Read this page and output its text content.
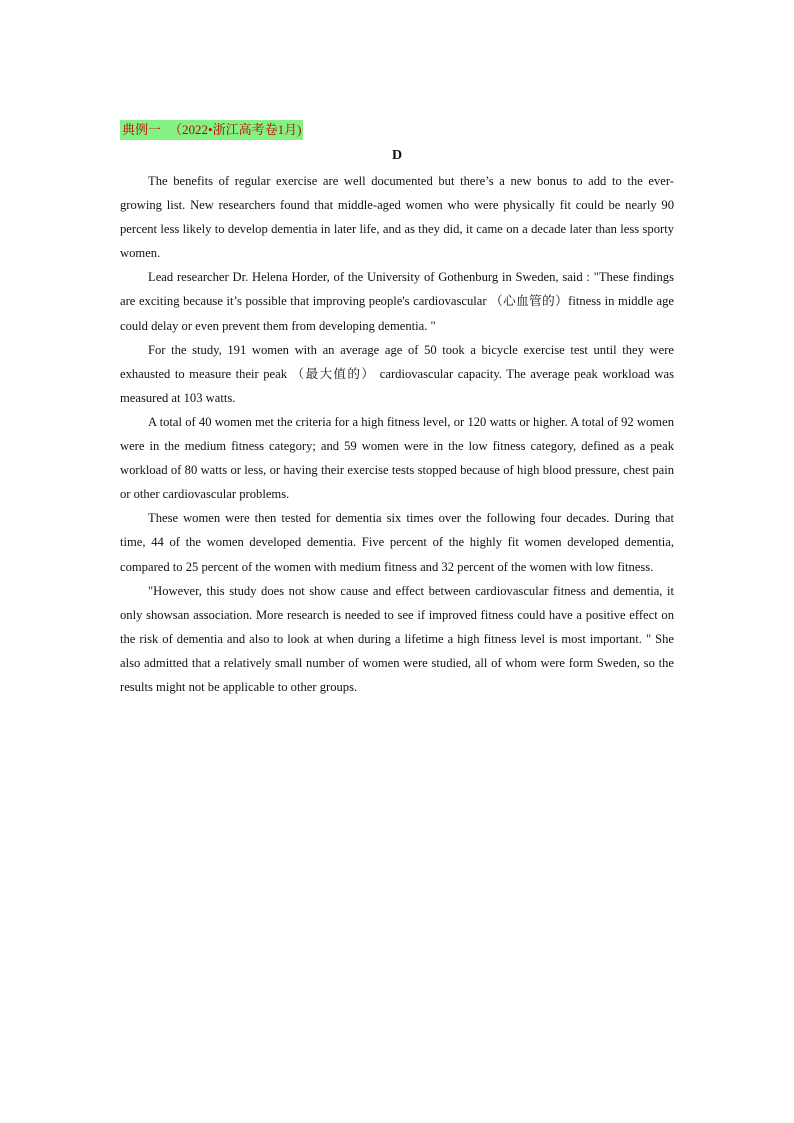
典例一 （2022•浙江高考卷1月)
D

The benefits of regular exercise are well documented but there’s a new bonus to add to the ever-growing list. New researchers found that middle-aged women who were physically fit could be nearly 90 percent less likely to develop dementia in later life, and as they did, it came on a decade later than less sporty women.

Lead researcher Dr. Helena Horder, of the University of Gothenburg in Sweden, said : "These findings are exciting because it’s possible that improving people's cardiovascular （心血管的）fitness in middle age could delay or even prevent them from developing dementia. "

For the study, 191 women with an average age of 50 took a bicycle exercise test until they were exhausted to measure their peak （最大值的） cardiovascular capacity. The average peak workload was measured at 103 watts.

A total of 40 women met the criteria for a high fitness level, or 120 watts or higher. A total of 92 women were in the medium fitness category; and 59 women were in the low fitness category, defined as a peak workload of 80 watts or less, or having their exercise tests stopped because of high blood pressure, chest pain or other cardiovascular problems.

These women were then tested for dementia six times over the following four decades. During that time, 44 of the women developed dementia. Five percent of the highly fit women developed dementia, compared to 25 percent of the women with medium fitness and 32 percent of the women with low fitness.

"However, this study does not show cause and effect between cardiovascular fitness and dementia, it only showsan association. More research is needed to see if improved fitness could have a positive effect on the risk of dementia and also to look at when during a lifetime a high fitness level is most important. " She also admitted that a relatively small number of women were studied, all of whom were form Sweden, so the results might not be applicable to other groups.
